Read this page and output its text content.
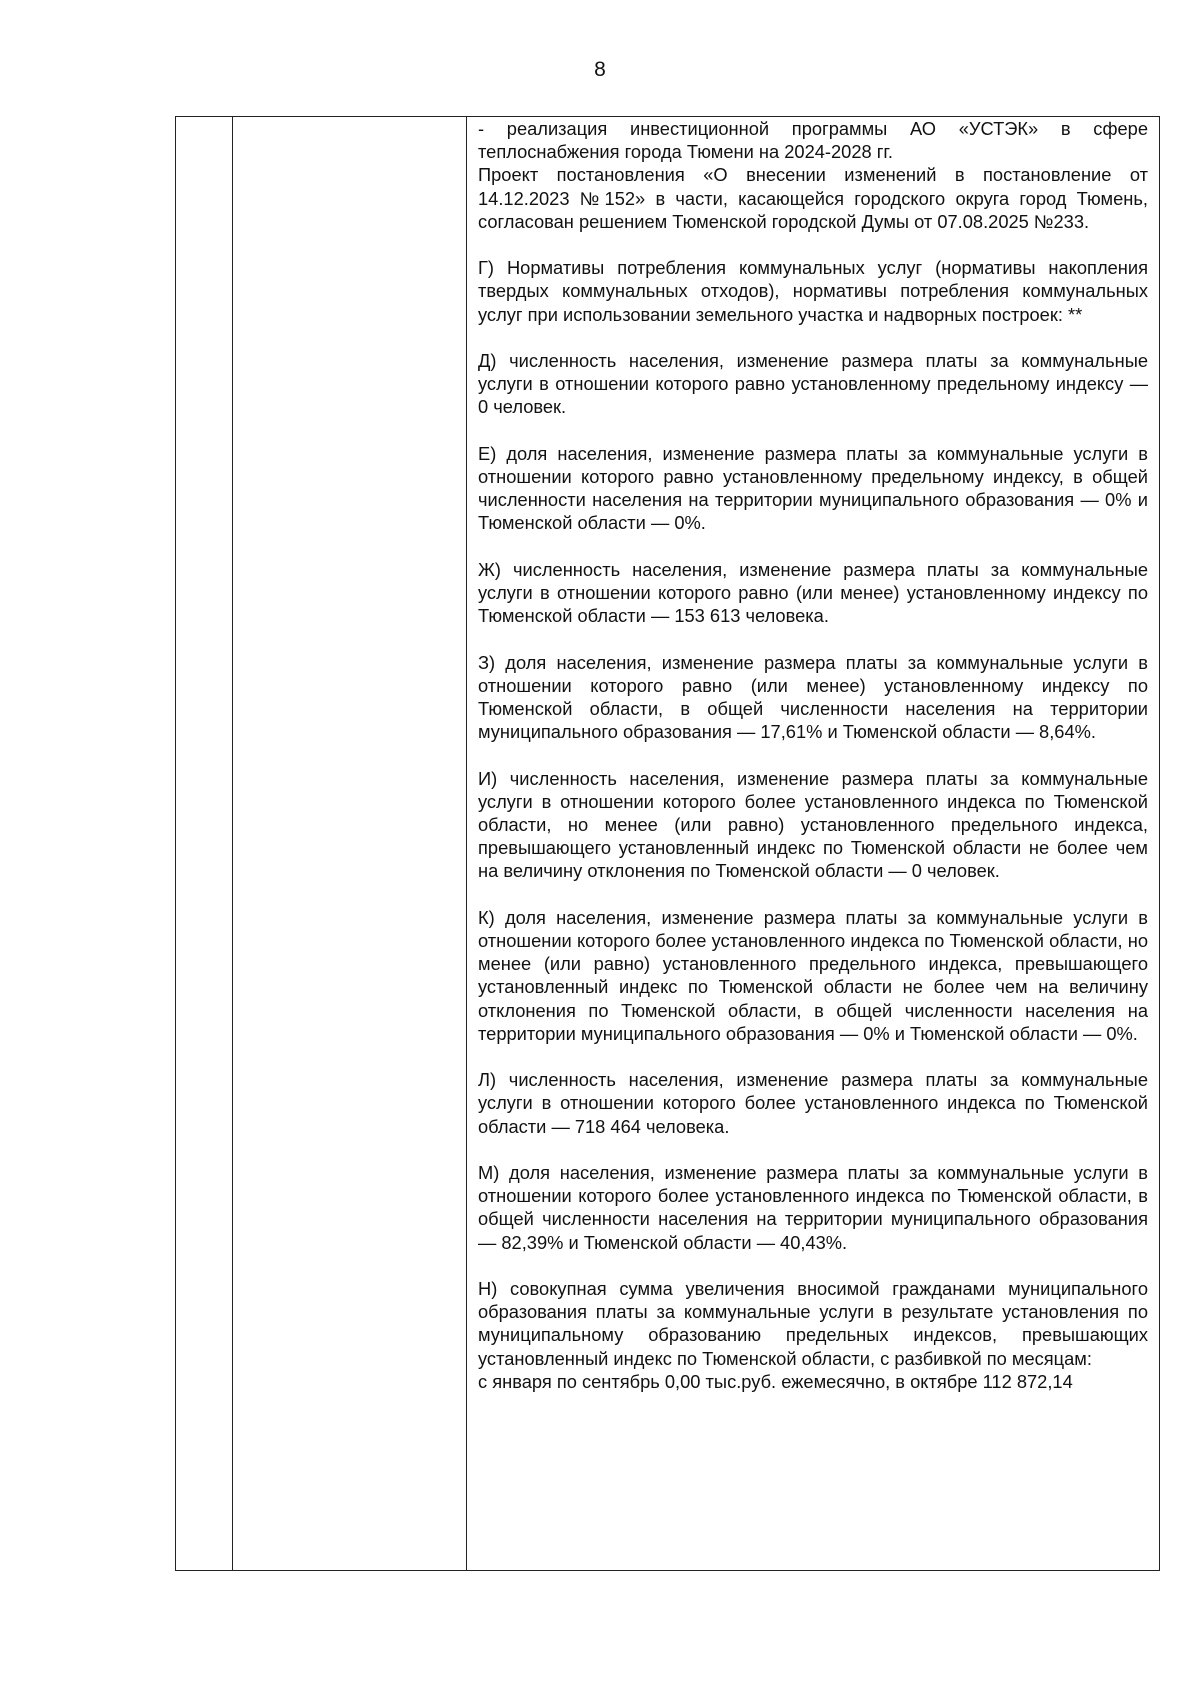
8

- реализация инвестиционной программы АО «УСТЭК» в сфере теплоснабжения города Тюмени на 2024-2028 гг.

Проект постановления «О внесении изменений в постановление от 14.12.2023 №152» в части, касающейся городского округа город Тюмень, согласован решением Тюменской городской Думы от 07.08.2025 №233.

Г) Нормативы потребления коммунальных услуг (нормативы накопления твердых коммунальных отходов), нормативы потребления коммунальных услуг при использовании земельного участка и надворных построек: **

Д) численность населения, изменение размера платы за коммунальные услуги в отношении которого равно установленному предельному индексу — 0 человек.

Е) доля населения, изменение размера платы за коммунальные услуги в отношении которого равно установленному предельному индексу, в общей численности населения на территории муниципального образования — 0% и Тюменской области — 0%.

Ж) численность населения, изменение размера платы за коммунальные услуги в отношении которого равно (или менее) установленному индексу по Тюменской области — 153 613 человека.

З) доля населения, изменение размера платы за коммунальные услуги в отношении которого равно (или менее) установленному индексу по Тюменской области, в общей численности населения на территории муниципального образования — 17,61% и Тюменской области — 8,64%.

И) численность населения, изменение размера платы за коммунальные услуги в отношении которого более установленного индекса по Тюменской области, но менее (или равно) установленного предельного индекса, превышающего установленный индекс по Тюменской области не более чем на величину отклонения по Тюменской области — 0 человек.

К) доля населения, изменение размера платы за коммунальные услуги в отношении которого более установленного индекса по Тюменской области, но менее (или равно) установленного предельного индекса, превышающего установленный индекс по Тюменской области не более чем на величину отклонения по Тюменской области, в общей численности населения на территории муниципального образования — 0% и Тюменской области — 0%.

Л) численность населения, изменение размера платы за коммунальные услуги в отношении которого более установленного индекса по Тюменской области — 718 464 человека.

М) доля населения, изменение размера платы за коммунальные услуги в отношении которого более установленного индекса по Тюменской области, в общей численности населения на территории муниципального образования — 82,39% и Тюменской области — 40,43%.

Н) совокупная сумма увеличения вносимой гражданами муниципального образования платы за коммунальные услуги в результате установления по муниципальному образованию предельных индексов, превышающих установленный индекс по Тюменской области, с разбивкой по месяцам:

с января по сентябрь 0,00 тыс.руб. ежемесячно, в октябре 112 872,14
